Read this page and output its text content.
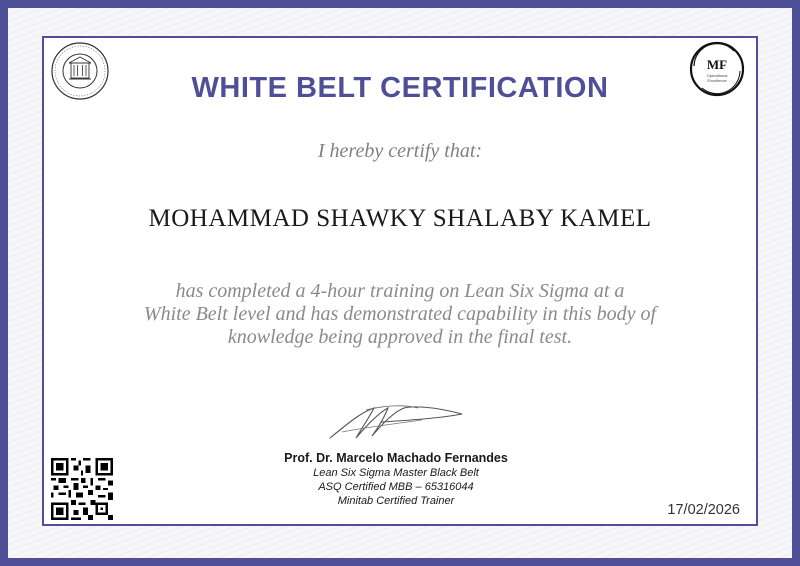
MF
Operational
Excellence
WHITE BELT CERTIFICATION
I hereby certify that:
MOHAMMAD SHAWKY SHALABY KAMEL
has completed a 4-hour training on Lean Six Sigma at a
White Belt level and has demonstrated capability in this body of
knowledge being approved in the final test.
Prof. Dr. Marcelo Machado Fernandes
Lean Six Sigma Master Black Belt
ASQ Certified MBB – 65316044
Minitab Certified Trainer
17/02/2026
